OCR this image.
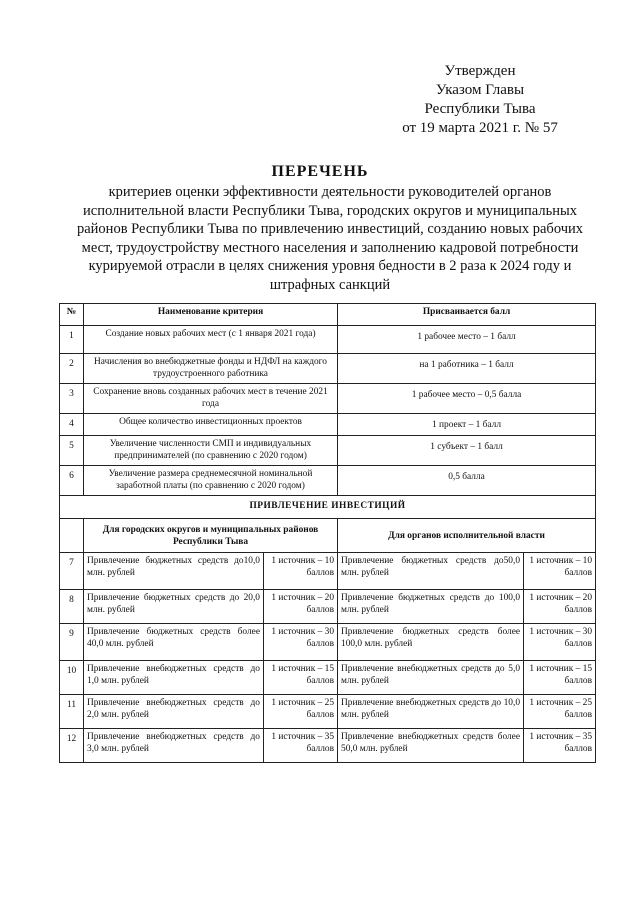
Утвержден
Указом Главы
Республики Тыва
от 19 марта 2021 г. № 57
ПЕРЕЧЕНЬ
критериев оценки эффективности деятельности руководителей органов исполнительной власти Республики Тыва, городских округов и муниципальных районов Республики Тыва по привлечению инвестиций, созданию новых рабочих мест, трудоустройству местного населения и заполнению кадровой потребности курируемой отрасли в целях снижения уровня бедности в 2 раза к 2024 году и штрафных санкций
№	Наименование критерия		Присваивается балл	
1	Создание новых рабочих мест (с 1 января 2021 года)		1 рабочее место – 1 балл	
2	Начисления во внебюджетные фонды и НДФЛ на каждого трудоустроенного работника		на 1 работника – 1 балл	
3	Сохранение вновь созданных рабочих мест в течение 2021 года		1 рабочее место – 0,5 балла	
4	Общее количество инвестиционных проектов		1 проект – 1 балл	
5	Увеличение численности СМП и индивидуальных предпринимателей (по сравнению с 2020 годом)		1 субъект – 1 балл	
6	Увеличение размера среднемесячной номинальной заработной платы (по сравнению с 2020 годом)		0,5 балла	
ПРИВЛЕЧЕНИЕ ИНВЕСТИЦИЙ				
	Для городских округов и муниципальных районов Республики Тыва		Для органов исполнительной власти	
7	Привлечение бюджетных средств до10,0 млн. рублей	1 источник – 10 баллов	Привлечение бюджетных средств до50,0 млн. рублей	1 источник – 10 баллов
8	Привлечение бюджетных средств до 20,0 млн. рублей	1 источник – 20 баллов	Привлечение бюджетных средств до 100,0 млн. рублей	1 источник – 20 баллов
9	Привлечение бюджетных средств более 40,0 млн. рублей	1 источник – 30 баллов	Привлечение бюджетных средств более 100,0 млн. рублей	1 источник – 30 баллов
10	Привлечение внебюджетных средств до 1,0 млн. рублей	1 источник – 15 баллов	Привлечение внебюджетных средств до 5,0 млн. рублей	1 источник – 15 баллов
11	Привлечение внебюджетных средств до 2,0 млн. рублей	1 источник – 25 баллов	Привлечение внебюджетных средств до 10,0 млн. рублей	1 источник – 25 баллов
12	Привлечение внебюджетных средств до 3,0 млн. рублей	1 источник – 35 баллов	Привлечение внебюджетных средств более 50,0 млн. рублей	1 источник – 35 баллов
